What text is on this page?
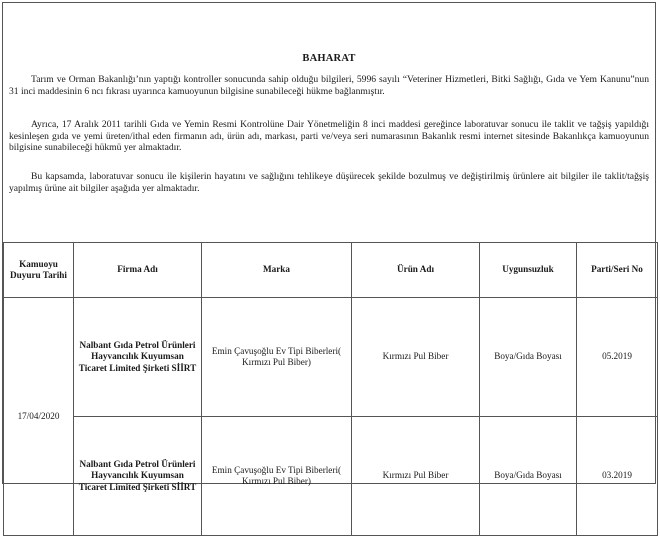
BAHARAT

Tarım ve Orman Bakanlığı’nın yaptığı kontroller sonucunda sahip olduğu bilgileri, 5996 sayılı “Veteriner Hizmetleri, Bitki Sağlığı, Gıda ve Yem Kanunu”nun 31 inci maddesinin 6 ncı fıkrası uyarınca kamuoyunun bilgisine sunabileceği hükme bağlanmıştır.

Ayrıca, 17 Aralık 2011 tarihli Gıda ve Yemin Resmi Kontrolüne Dair Yönetmeliğin 8 inci maddesi gereğince laboratuvar sonucu ile taklit ve tağşiş yapıldığı kesinleşen gıda ve yemi üreten/ithal eden firmanın adı, ürün adı, markası, parti ve/veya seri numarasının Bakanlık resmi internet sitesinde Bakanlıkça kamuoyunun bilgisine sunabileceği hükmü yer almaktadır.

Bu kapsamda, laboratuvar sonucu ile kişilerin hayatını ve sağlığını tehlikeye düşürecek şekilde bozulmuş ve değiştirilmiş ürünlere ait bilgiler ile taklit/tağşiş yapılmış ürüne ait bilgiler aşağıda yer almaktadır.

Kamuoyu Duyuru Tarihi	Firma Adı	Marka	Ürün Adı	Uygunsuzluk	Parti/Seri No
17/04/2020	Nalbant Gıda Petrol Ürünleri Hayvancılık Kuyumsan Ticaret Limited Şirketi SİİRT	Emin Çavuşoğlu Ev Tipi Biberleri( Kırmızı Pul Biber)	Kırmızı Pul Biber	Boya/Gıda Boyası	05.2019
	Nalbant Gıda Petrol Ürünleri Hayvancılık Kuyumsan Ticaret Limited Şirketi SİİRT	Emin Çavuşoğlu Ev Tipi Biberleri( Kırmızı Pul Biber)	Kırmızı Pul Biber	Boya/Gıda Boyası	03.2019
